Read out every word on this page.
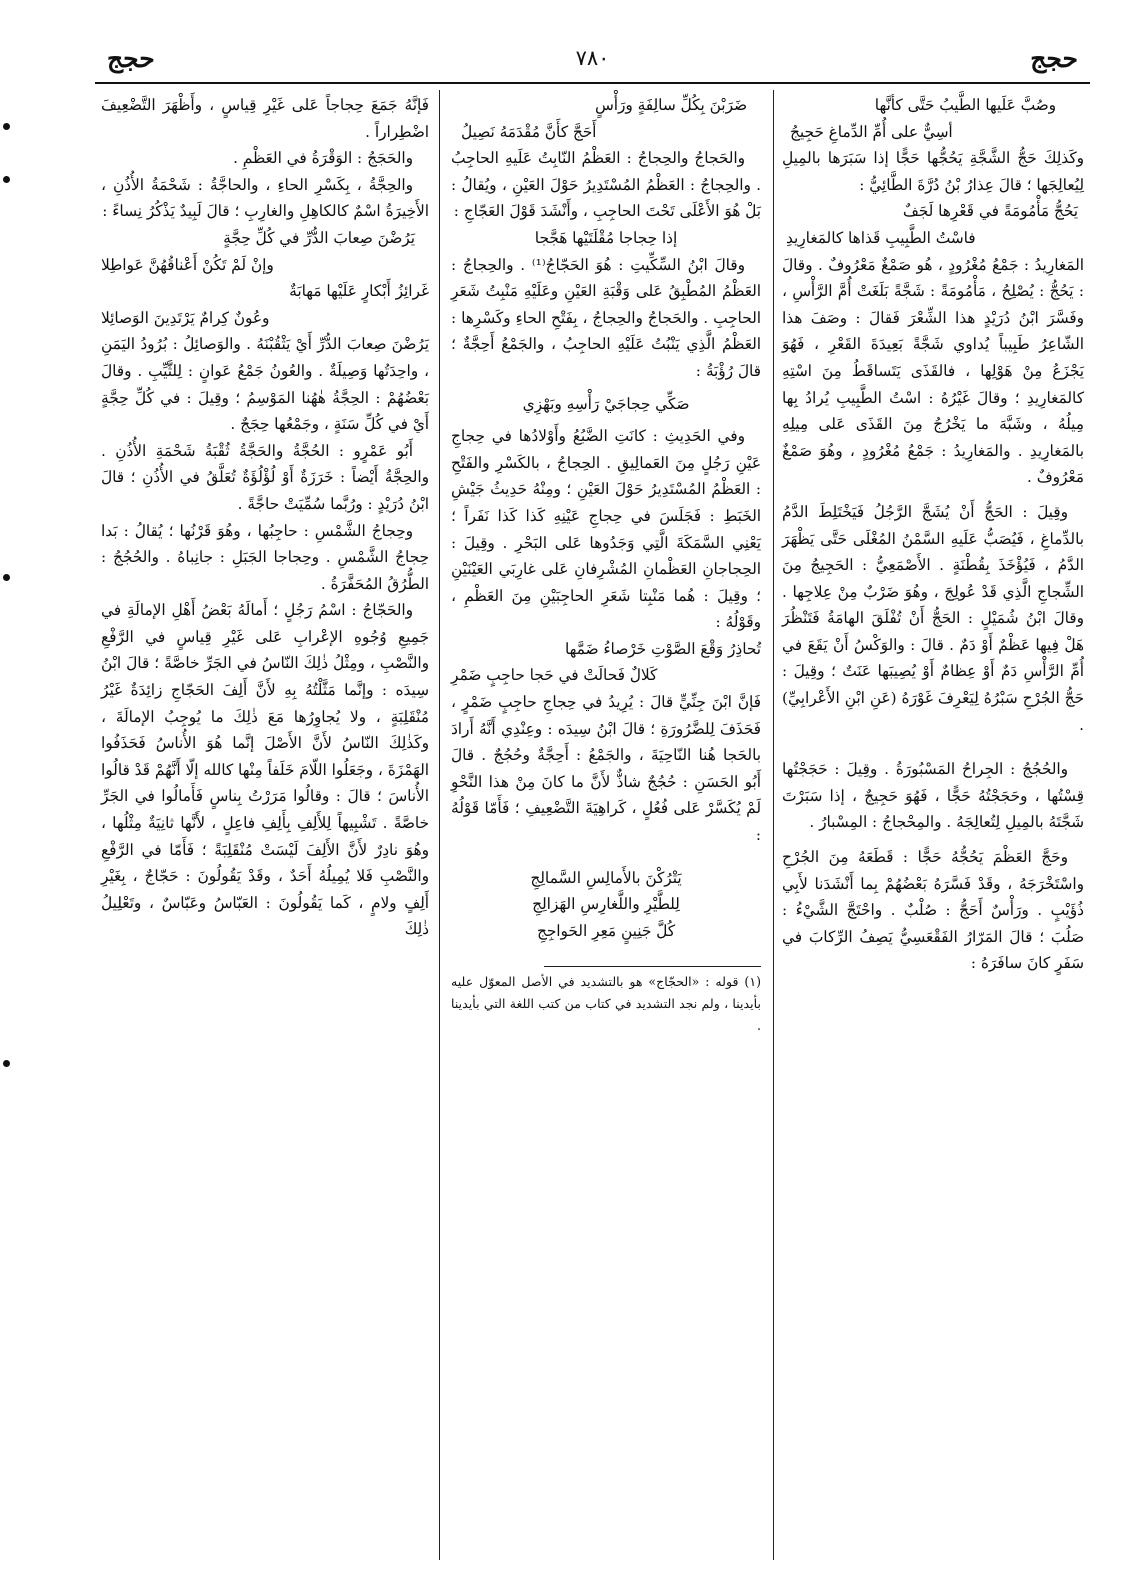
حجج	٧٨٠	حجج

وصُبَّ عَلَيها الطَّيبُ حَتَّى كأنَّها

أسِيٌّ على أُمِّ الدِّماغِ حَجِيجُ

وكَذلِكَ حَجُّ الشَّجَّةِ يَحُجُّها حَجًّا إذا سَبَرَها بالمِيلِ لِيُعالِجَها ؛ قالَ عِذارُ بْنُ دُرَّةَ الطَّائِيُّ :

يَحُجُّ مَأْمُومَةً في قَعْرِها لَجَفٌ

فاسْتُ الطَّبِيبِ قَذاها كالمَغارِيدِ

المَغارِيدُ : جَمْعُ مُغْرُودٍ ، هُو صَمْغٌ مَعْرُوفٌ . وقالَ : يَحُجُّ : يُصْلِحُ ، مَأْمُومَةً : شَجَّةً بَلَغَتْ أُمَّ الرَّأْسِ ، وفَسَّرَ ابْنُ دُرَيْدٍ هذا الشِّعْرَ فَقالَ : وصَفَ هذا الشّاعِرُ طَبِيباً يُداوي شَجَّةً بَعِيدَةَ القَعْرِ ، فَهُوَ يَجْزَعُ مِنْ هَوْلِها ، فالقَذَى يَتَساقَطُ مِنَ اسْتِهِ كالمَغارِيدِ ؛ وقالَ غَيْرُهُ : اسْتُ الطَّبِيبِ يُرادُ بِها مِيلُهُ ، وشَبَّهَ ما يَخْرُجُ مِنَ القَذَى عَلى مِيلِهِ بالمَغارِيدِ . والمَغارِيدُ : جَمْعُ مُغْرُودٍ ، وهُوَ صَمْغٌ مَعْرُوفٌ .

وقِيلَ : الحَجُّ أَنْ يُشَجَّ الرَّجُلُ فَيَخْتَلِطَ الدَّمُ بالدِّماغِ ، فَيُصَبُّ عَلَيهِ السَّمْنُ المُغْلَى حَتَّى يَظْهَرَ الدَّمُ ، فَيُؤْخَذَ بِقُطْنَةٍ . الأَصْمَعِيُّ : الحَجِيجُ مِنَ الشِّجاجِ الَّذِي قَدْ عُولِجَ ، وهُوَ ضَرْبٌ مِنْ عِلاجِها . وقالَ ابْنُ شُمَيْلٍ : الحَجُّ أَنْ تُفْلَقَ الهامَةُ فَتَنْظُرَ هَلْ فِيها عَظْمٌ أَوْ دَمٌ . قالَ : والوَكْسُ أَنْ يَقَعَ في أُمِّ الرَّأْسِ دَمٌ أَوْ عِظامٌ أَوْ يُصِيبَها عَنَتٌ ؛ وقِيلَ : حَجُّ الجُرْحِ سَبْرُهُ لِيَعْرِفَ غَوْرَهُ (عَنِ ابْنِ الأَعْرابِيِّ) .

والحُجُجُ : الجِراحُ المَسْبُورَةُ . وقِيلَ : حَجَجْتُها قِسْتُها ، وحَجَجْتُهُ حَجًّا ، فَهُوَ حَجِيجٌ ، إذا سَبَرْتَ شَجَّتَهُ بالمِيلِ لِتُعالِجَهُ . والمِحْجاجُ : المِسْبارُ .

وحَجَّ العَظْمَ يَحُجُّهُ حَجًّا : قَطَعَهُ مِنَ الجُرْحِ واسْتَخْرَجَهُ ، وقَدْ فَسَّرَهُ بَعْضُهُمْ بِما أَنْشَدَنا لأَبِي ذُؤَيْبٍ . ورَأْسٌ أَحَجُّ : صُلْبٌ . واحْتَجَّ الشَّيْءُ : صَلُبَ ؛ قالَ المَرّارُ الفَقْعَسِيُّ يَصِفُ الرِّكابَ في سَفَرٍ كانَ سافَرَهُ :

ضَرَبْنَ بِكُلِّ سالِفَةٍ ورَأْسٍ

أَحَجَّ كأَنَّ مُقْدَمَهُ نَصِيلُ

والحَجاجُ والحِجاجُ : العَظْمُ النّابِتُ عَلَيهِ الحاجِبُ . والحِجاجُ : العَظْمُ المُسْتَدِيرُ حَوْلَ العَيْنِ ، ويُقالُ : بَلْ هُوَ الأَعْلَى تَحْتَ الحاجِبِ ، وأَنْشَدَ قَوْلَ العَجّاجِ :

إذا حِجاجا مُقْلَتَيْها هَجَّجا

وقالَ ابْنُ السِّكِّيتِ : هُوَ الحَجّاجُ⁽¹⁾ . والحِجاجُ : العَظْمُ المُطْبِقُ عَلى وَقْبَةِ العَيْنِ وعَلَيْهِ مَنْبِتُ شَعَرِ الحاجِبِ . والحَجاجُ والحِجاجُ ، بِفَتْحِ الحاءِ وكَسْرِها : العَظْمُ الَّذِي يَنْبُتُ عَلَيْهِ الحاجِبُ ، والجَمْعُ أَحِجَّةٌ ؛ قالَ رُؤْبَةُ :

صَكِّي حِجاجَيْ رَأْسِهِ وبَهْزِي

وفي الحَدِيثِ : كانَتِ الضَّبُعُ وأَوْلادُها في حِجاجِ عَيْنِ رَجُلٍ مِنَ العَمالِيقِ . الحِجاجُ ، بالكَسْرِ والفَتْحِ : العَظْمُ المُسْتَدِيرُ حَوْلَ العَيْنِ ؛ ومِنْهُ حَدِيثُ جَيْشِ الخَبَطِ : فَجَلَسَ في حِجاجِ عَيْنِهِ كَذا كَذا نَفَراً ؛ يَعْنِي السَّمَكَةَ الَّتِي وَجَدُوها عَلى البَحْرِ . وقِيلَ : الحِجاجانِ العَظْمانِ المُشْرِفانِ عَلى غارِبَي العَيْنَيْنِ ؛ وقِيلَ : هُما مَنْبِتا شَعَرِ الحاجِبَيْنِ مِنَ العَظْمِ ، وقَوْلُهُ :

تُحاذِرُ وَقْعَ الصَّوْتِ خَرْصاءُ ضَمَّها

كَلالٌ فَحالَتْ في حَجا حاجِبٍ ضَمْرِ

فَإنَّ ابْنَ جِنِّيٍّ قالَ : يُرِيدُ في حِجاجِ حاجِبٍ ضَمْرٍ ، فَحَذَفَ لِلضَّرُورَةِ ؛ قالَ ابْنُ سِيدَه : وعِنْدِي أَنَّهُ أَرادَ بالحَجا هُنا النّاحِيَةَ ، والجَمْعُ : أَحِجَّةٌ وحُجُجٌ . قالَ أَبُو الحَسَنِ : حُجُجٌ شاذٌّ لأَنَّ ما كانَ مِنْ هذا النَّحْوِ لَمْ يُكَسَّرْ عَلى فُعُلٍ ، كَراهِيَةَ التَّضْعِيفِ ؛ فَأَمّا قَوْلُهُ :

يَتْرُكْنَ بالأَمالِسِ السَّمالِجِ

لِلطَّيْرِ واللَّغارِسِ الهَزالِجِ

كُلَّ جَنِينٍ مَعِرِ الحَواجِجِ

(١) قوله : «الحجّاج» هو بالتشديد في الأصل المعوّل عليه بأيدينا ، ولم نجد التشديد في كتاب من كتب اللغة التي بأيدينا .

فَإنَّهُ جَمَعَ حِجاجاً عَلى غَيْرِ قِياسٍ ، وأَظْهَرَ التَّضْعِيفَ اضْطِراراً .

والحَجَجُ : الوَقْرَةُ في العَظْمِ .

والحِجَّةُ ، بِكَسْرِ الحاءِ ، والحاجَّةُ : شَحْمَةُ الأُذُنِ ، الأَخِيرَةُ اسْمٌ كالكاهِلِ والغارِبِ ؛ قالَ لَبِيدٌ يَذْكُرُ نِساءً :

يَرُضْنَ صِعابَ الدُّرِّ في كُلِّ حِجَّةٍ

وإنْ لَمْ تَكُنْ أَعْناقُهُنَّ عَواطِلا

غَرائِزُ أَبْكارٍ عَلَيْها مَهابَةٌ

وعُونٌ كِرامٌ يَرْتَدِينَ الوَصائِلا

يَرُضْنَ صِعابَ الدُّرِّ أَيْ يَثْقُبْنَهُ . والوَصائِلُ : بُرُودُ اليَمَنِ ، واحِدَتُها وَصِيلَةٌ . والعُونُ جَمْعُ عَوانٍ : لِلثَّيِّبِ . وقالَ بَعْضُهُمْ : الحِجَّةُ هٰهُنا المَوْسِمُ ؛ وقِيلَ : في كُلِّ حِجَّةٍ أَيْ في كُلِّ سَنَةٍ ، وجَمْعُها حِجَجٌ .

أَبُو عَمْرٍو : الحُجَّةُ والحَجَّةُ ثُقْبَةُ شَحْمَةِ الأُذُنِ . والحِجَّةُ أَيْضاً : خَرَزَةٌ أَوْ لُؤْلُؤَةٌ تُعَلَّقُ في الأُذُنِ ؛ قالَ ابْنُ دُرَيْدٍ : ورُبَّما سُمِّيَتْ حاجَّةً .

وحِجاجُ الشَّمْسِ : حاجِبُها ، وهُوَ قَرْنُها ؛ يُقالُ : بَدا حِجاجُ الشَّمْسِ . وحِجاجا الجَبَلِ : جانِباهُ . والحُجُجُ : الطُّرُقُ المُحَفَّرَةُ .

والحَجّاجُ : اسْمُ رَجُلٍ ؛ أَمالَهُ بَعْضُ أَهْلِ الإمالَةِ في جَمِيعِ وُجُوهِ الإعْرابِ عَلى غَيْرِ قِياسٍ في الرَّفْعِ والنَّصْبِ ، ومِثْلُ ذٰلِكَ النّاسُ في الجَرِّ خاصَّةً ؛ قالَ ابْنُ سِيدَه : وإنَّما مَثَّلْتُهُ بِهِ لأَنَّ أَلِفَ الحَجّاجِ زائِدَةٌ غَيْرُ مُنْقَلِبَةٍ ، ولا يُجاوِرُها مَعَ ذٰلِكَ ما يُوجِبُ الإمالَةَ ، وكَذٰلِكَ النّاسُ لأَنَّ الأَصْلَ إنَّما هُوَ الأُناسُ فَحَذَفُوا الهَمْزَةَ ، وجَعَلُوا اللّامَ خَلَفاً مِنْها كالله إلّا أَنَّهُمْ قَدْ قالُوا الأُناسَ ؛ قالَ : وقالُوا مَرَرْتُ بِناسٍ فَأَمالُوا في الجَرِّ خاصَّةً . تَشْبِيهاً لِلأَلِفِ بِأَلِفِ فاعِلٍ ، لأَنَّها ثانِيَةٌ مِثْلُها ، وهُوَ نادِرٌ لأَنَّ الأَلِفَ لَيْسَتْ مُنْقَلِبَةً ؛ فَأَمّا في الرَّفْعِ والنَّصْبِ فَلا يُمِيلُهُ أَحَدٌ ، وقَدْ يَقُولُونَ : حَجّاجٌ ، بِغَيْرِ أَلِفٍ ولامٍ ، كَما يَقُولُونَ : العَبّاسُ وعَبّاسٌ ، وتَعْلِيلُ ذٰلِكَ
